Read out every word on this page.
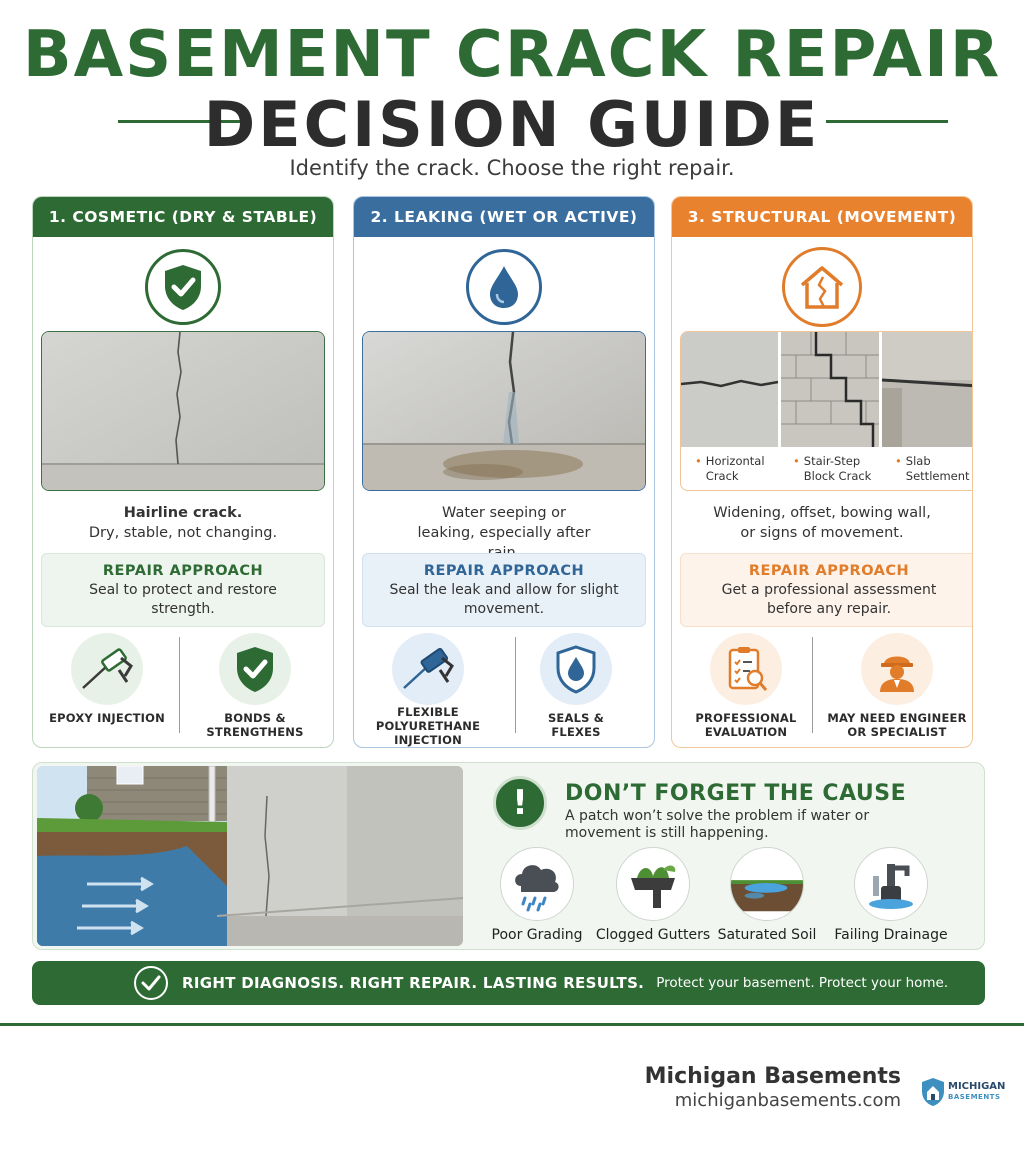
BASEMENT CRACK REPAIR
DECISION GUIDE
Identify the crack. Choose the right repair.
1. COSMETIC (DRY & STABLE)
Hairline crack.
Dry, stable, not changing.
REPAIR APPROACH
Seal to protect and restore strength.
EPOXY INJECTION	BONDS & STRENGTHENS
2. LEAKING (WET OR ACTIVE)
Water seeping or leaking, especially after
REPAIR APPROACH
Seal the leak and allow for slight movement.
FLEXIBLE POLYURETHANE INJECTION
SEALS & FLEXES
3. STRUCTURAL (MOVEMENT)
• Horizontal Crack
• Stair-Step Block Crack
• Slab Settlement
Widening, offset, bowing wall, or signs of movement.
REPAIR APPROACH
Get a professional assessment before any repair.
PROFESSIONAL EVALUATION
MAY NEED ENGINEER OR SPECIALIST
!	DON’T FORGET THE CAUSE
A patch won’t solve the problem if water or movement is still happening.
Poor Grading Clogged Gutters Saturated Soil	Failing Drainage
RIGHT DIAGNOSIS. RIGHT REPAIR. LASTING RESULTS. Protect your basement. Protect your home.
Michigan Basements
michiganbasements.com
MICHIGAN
BASEMENTS
